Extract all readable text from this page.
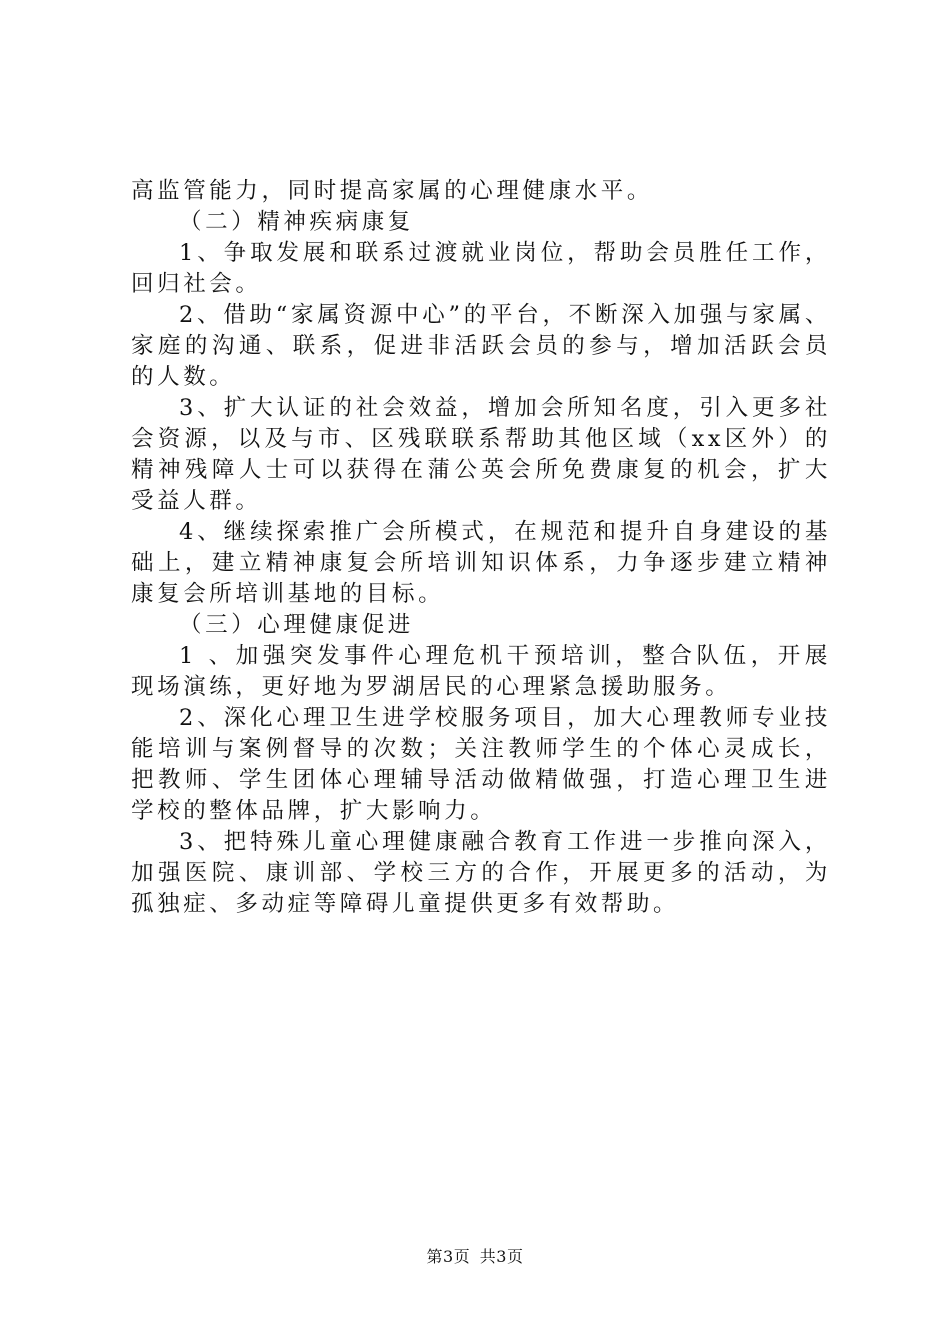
高监管能力，同时提高家属的心理健康水平。

（二）精神疾病康复

1、争取发展和联系过渡就业岗位，帮助会员胜任工作，回归社会。

2、借助“家属资源中心”的平台，不断深入加强与家属、家庭的沟通、联系，促进非活跃会员的参与，增加活跃会员的人数。

3、扩大认证的社会效益，增加会所知名度，引入更多社会资源，以及与市、区残联联系帮助其他区域（xx区外）的精神残障人士可以获得在蒲公英会所免费康复的机会，扩大受益人群。

4、继续探索推广会所模式，在规范和提升自身建设的基础上，建立精神康复会所培训知识体系，力争逐步建立精神康复会所培训基地的目标。

（三）心理健康促进

1 、加强突发事件心理危机干预培训，整合队伍，开展现场演练，更好地为罗湖居民的心理紧急援助服务。

2、深化心理卫生进学校服务项目，加大心理教师专业技能培训与案例督导的次数；关注教师学生的个体心灵成长，把教师、学生团体心理辅导活动做精做强，打造心理卫生进学校的整体品牌，扩大影响力。

3、把特殊儿童心理健康融合教育工作进一步推向深入，加强医院、康训部、学校三方的合作，开展更多的活动，为孤独症、多动症等障碍儿童提供更多有效帮助。

第3页 共3页
